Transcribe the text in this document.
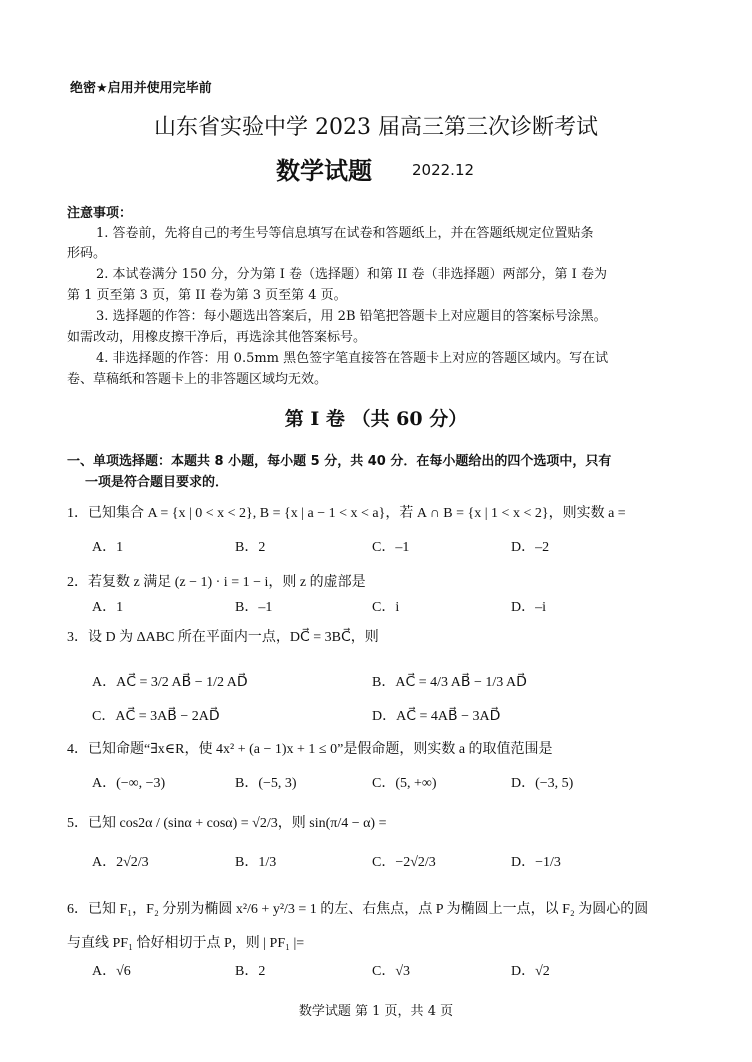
绝密★启用并使用完毕前
山东省实验中学 2023 届高三第三次诊断考试
数学试题	2022.12
注意事项：
1. 答卷前，先将自己的考生号等信息填写在试卷和答题纸上，并在答题纸规定位置贴条
形码。
2. 本试卷满分 150 分，分为第 I 卷（选择题）和第 II 卷（非选择题）两部分，第 I 卷为
第 1 页至第 3 页，第 II 卷为第 3 页至第 4 页。
3. 选择题的作答：每小题选出答案后，用 2B 铅笔把答题卡上对应题目的答案标号涂黑。
如需改动，用橡皮擦干净后，再选涂其他答案标号。
4. 非选择题的作答：用 0.5mm 黑色签字笔直接答在答题卡上对应的答题区域内。写在试
卷、草稿纸和答题卡上的非答题区域均无效。
第 I 卷 （共 60 分）
一、单项选择题：本题共 8 小题，每小题 5 分，共 40 分．在每小题给出的四个选项中，只有
一项是符合题目要求的．
1．已知集合 A = {x | 0 < x < 2}, B = {x | a − 1 < x < a}，若 A ∩ B = {x | 1 < x < 2}，则实数 a =
A．1	B．2	C．–1	D．–2
2．若复数 z 满足 (z − 1) · i = 1 − i，则 z 的虚部是
A．1	B．–1	C．i	D．–i
3．设 D 为 ΔABC 所在平面内一点，DC⃗ = 3BC⃗，则
A．AC⃗ = 3/2 AB⃗ − 1/2 AD⃗	B．AC⃗ = 4/3 AB⃗ − 1/3 AD⃗
C．AC⃗ = 3AB⃗ − 2AD⃗	D．AC⃗ = 4AB⃗ − 3AD⃗
4．已知命题“∃x∈R，使 4x² + (a − 1)x + 1 ≤ 0”是假命题，则实数 a 的取值范围是
A．(−∞, −3)	B．(−5, 3)	C．(5, +∞)	D．(−3, 5)
5．已知 cos2α / (sinα + cosα) = √2/3，则 sin(π/4 − α) =
A．2√2/3	B．1/3	C．−2√2/3	D．−1/3
6．已知 F₁，F₂ 分别为椭圆 x²/6 + y²/3 = 1 的左、右焦点，点 P 为椭圆上一点，以 F₂ 为圆心的圆
与直线 PF₁ 恰好相切于点 P，则 | PF₁ |=
A．√6	B．2	C．√3	D．√2
数学试题 第 1 页，共 4 页
